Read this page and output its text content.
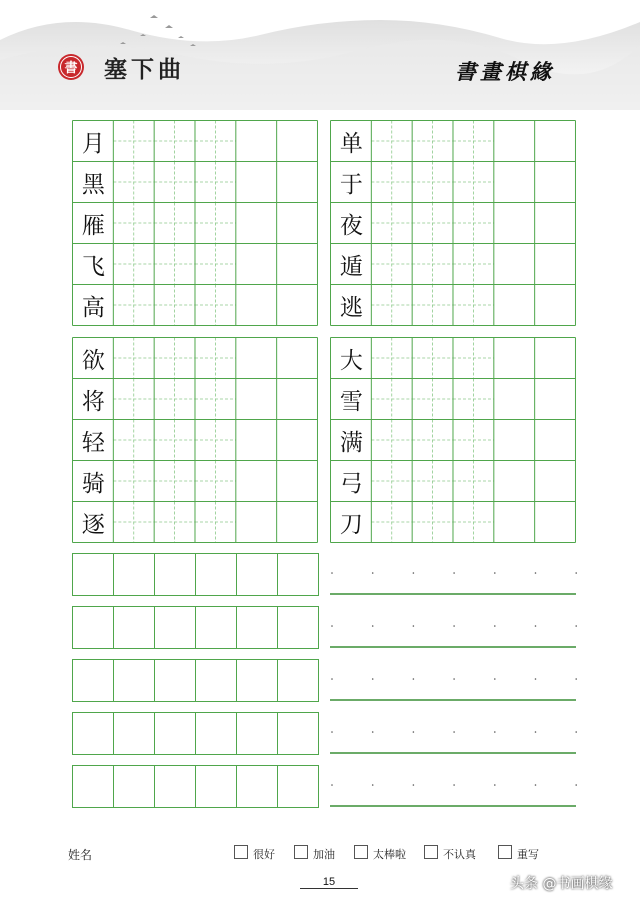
書 塞下曲	書畫棋緣
月
黑
雁
飞
高
单
于
夜
遁
逃
欲
将
轻
骑
逐
大
雪
满
弓
刀
姓名	很好	加油	太棒啦	不认真	重写
15	头条 @书画棋缘
